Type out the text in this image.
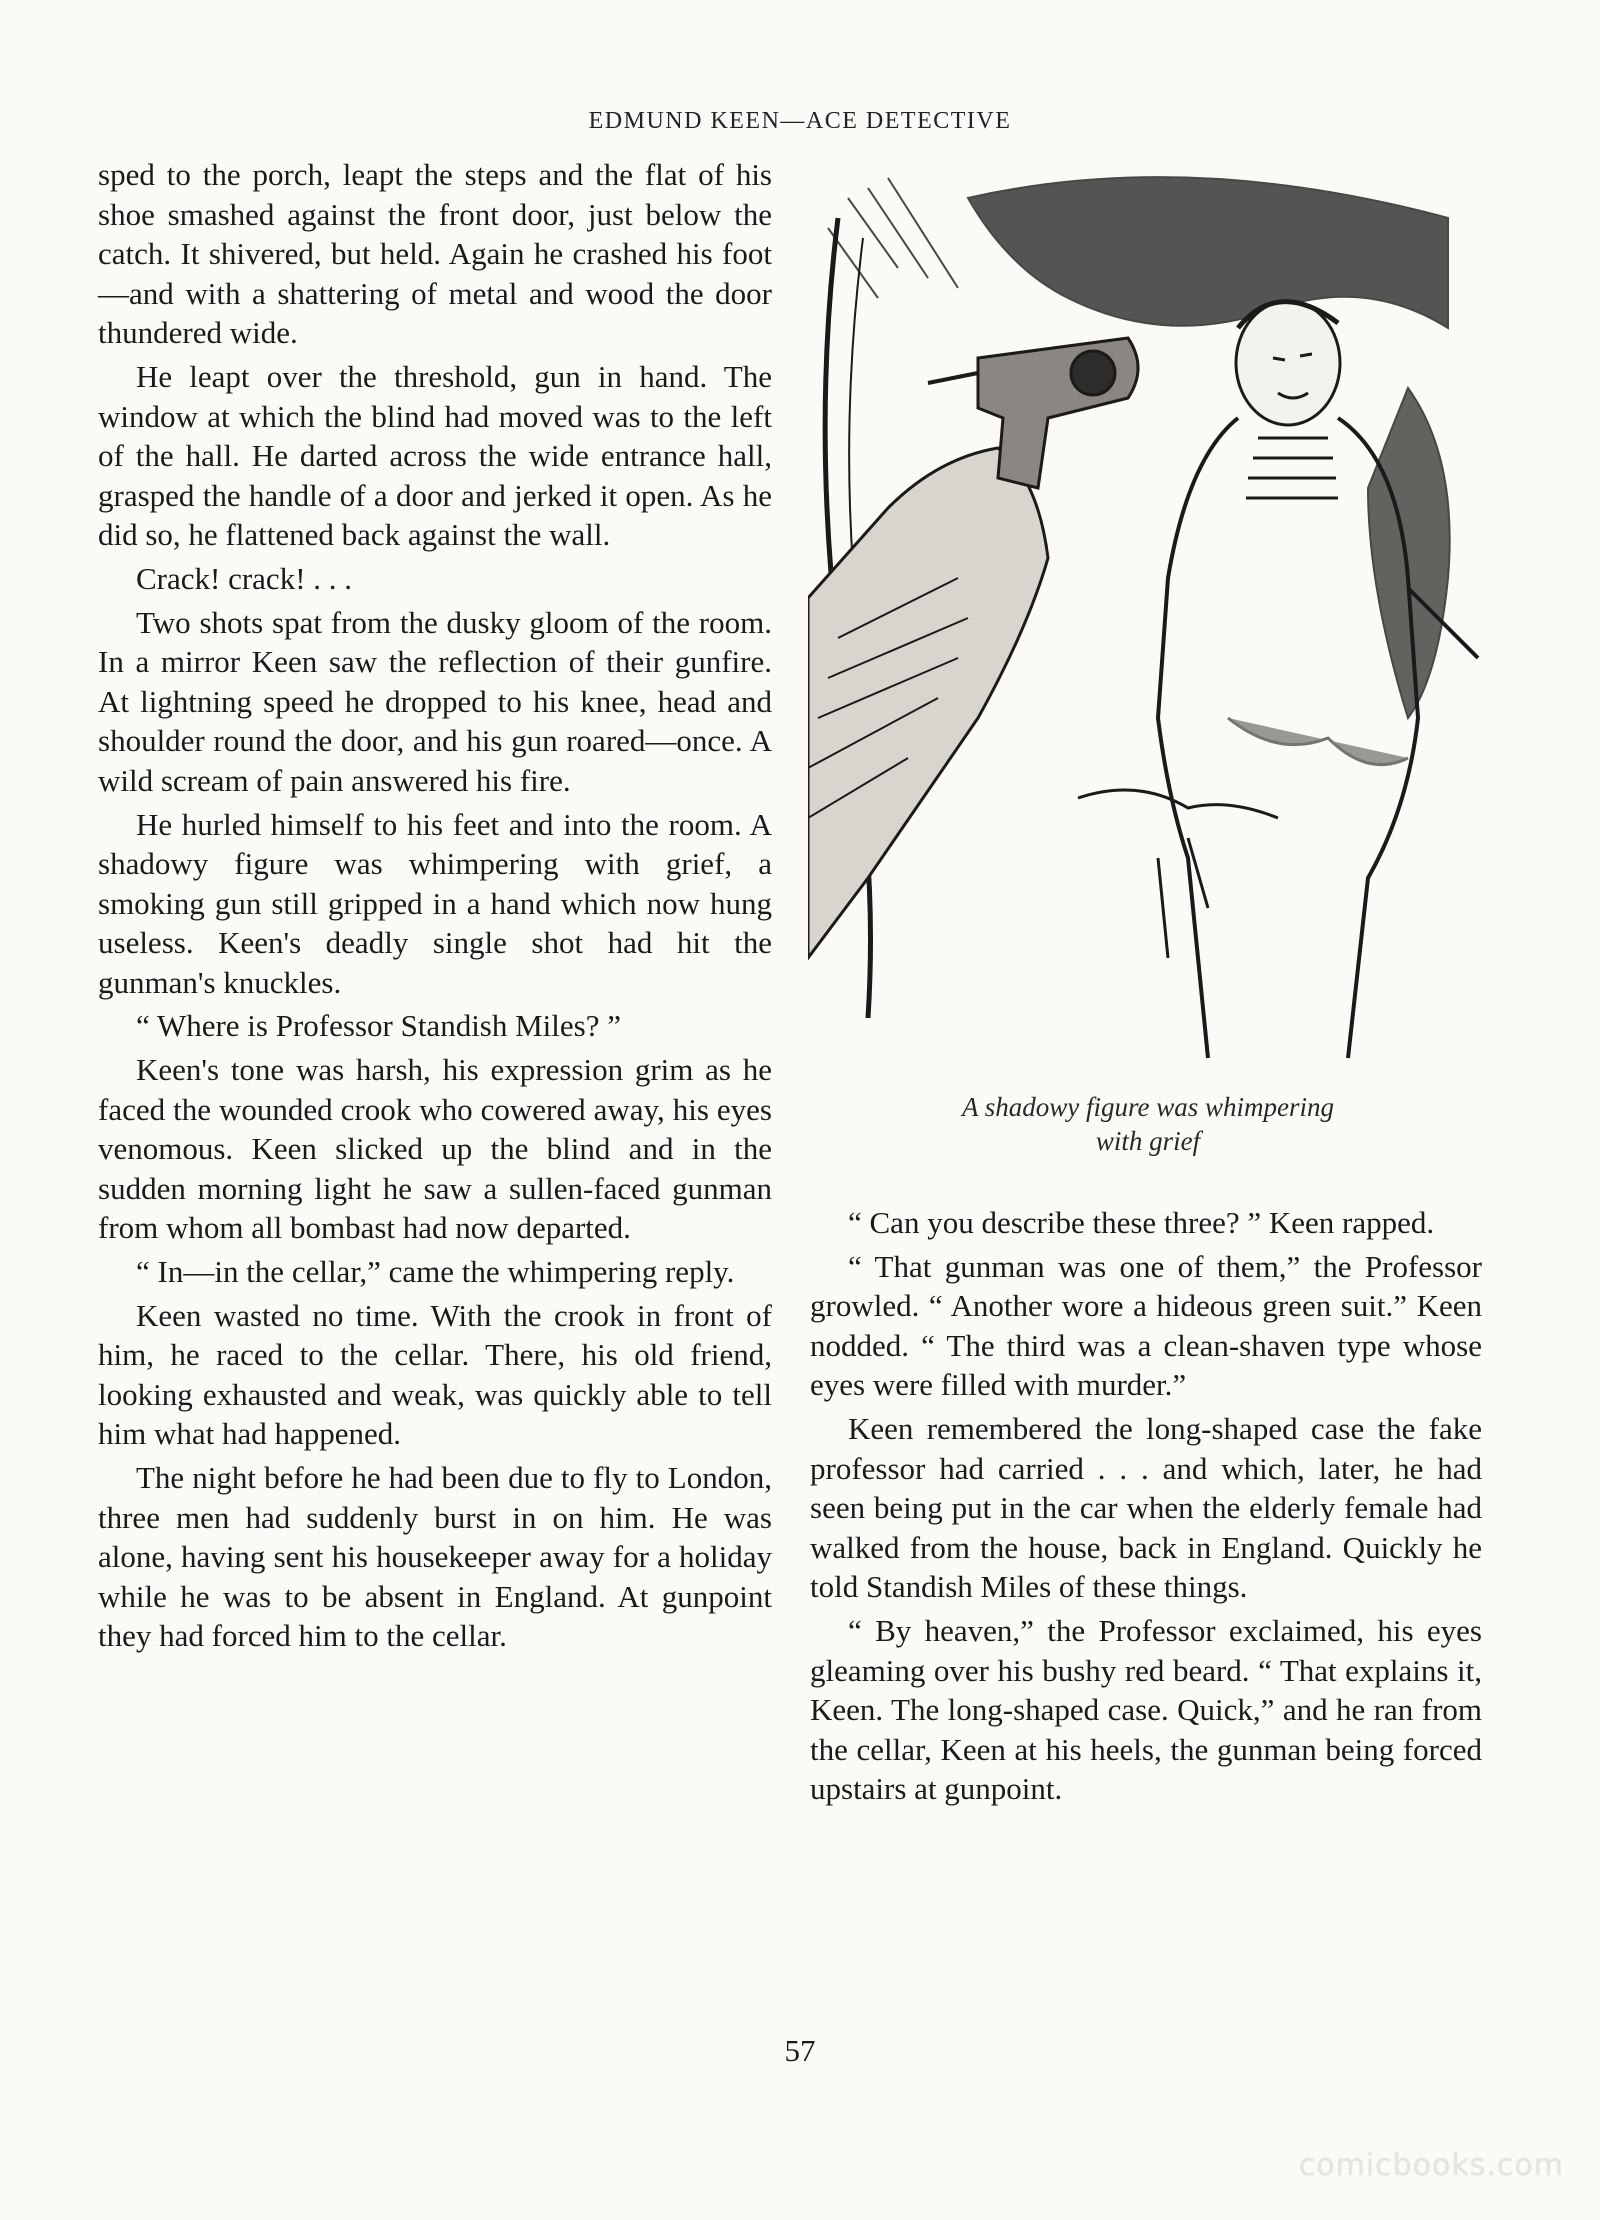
EDMUND KEEN—ACE DETECTIVE

sped to the porch, leapt the steps and the flat of his shoe smashed against the front door, just below the catch. It shivered, but held. Again he crashed his foot—and with a shattering of metal and wood the door thundered wide.

He leapt over the threshold, gun in hand. The window at which the blind had moved was to the left of the hall. He darted across the wide entrance hall, grasped the handle of a door and jerked it open. As he did so, he flattened back against the wall.

Crack! crack! . . .

Two shots spat from the dusky gloom of the room. In a mirror Keen saw the reflection of their gunfire. At lightning speed he dropped to his knee, head and shoulder round the door, and his gun roared—once. A wild scream of pain answered his fire.

He hurled himself to his feet and into the room. A shadowy figure was whimpering with grief, a smoking gun still gripped in a hand which now hung useless. Keen's deadly single shot had hit the gunman's knuckles.

“ Where is Professor Standish Miles? ”

Keen's tone was harsh, his expression grim as he faced the wounded crook who cowered away, his eyes venomous. Keen slicked up the blind and in the sudden morning light he saw a sullen-faced gunman from whom all bombast had now departed.

“ In—in the cellar,” came the whimpering reply.

Keen wasted no time. With the crook in front of him, he raced to the cellar. There, his old friend, looking exhausted and weak, was quickly able to tell him what had happened.

The night before he had been due to fly to London, three men had suddenly burst in on him. He was alone, having sent his housekeeper away for a holiday while he was to be absent in England. At gunpoint they had forced him to the cellar.

A shadowy figure was whimpering
with grief

“ Can you describe these three? ” Keen rapped.

“ That gunman was one of them,” the Professor growled. “ Another wore a hideous green suit.” Keen nodded. “ The third was a clean-shaven type whose eyes were filled with murder.”

Keen remembered the long-shaped case the fake professor had carried . . . and which, later, he had seen being put in the car when the elderly female had walked from the house, back in England. Quickly he told Standish Miles of these things.

“ By heaven,” the Professor exclaimed, his eyes gleaming over his bushy red beard. “ That explains it, Keen. The long-shaped case. Quick,” and he ran from the cellar, Keen at his heels, the gunman being forced upstairs at gunpoint.

57
comicbooks.com
